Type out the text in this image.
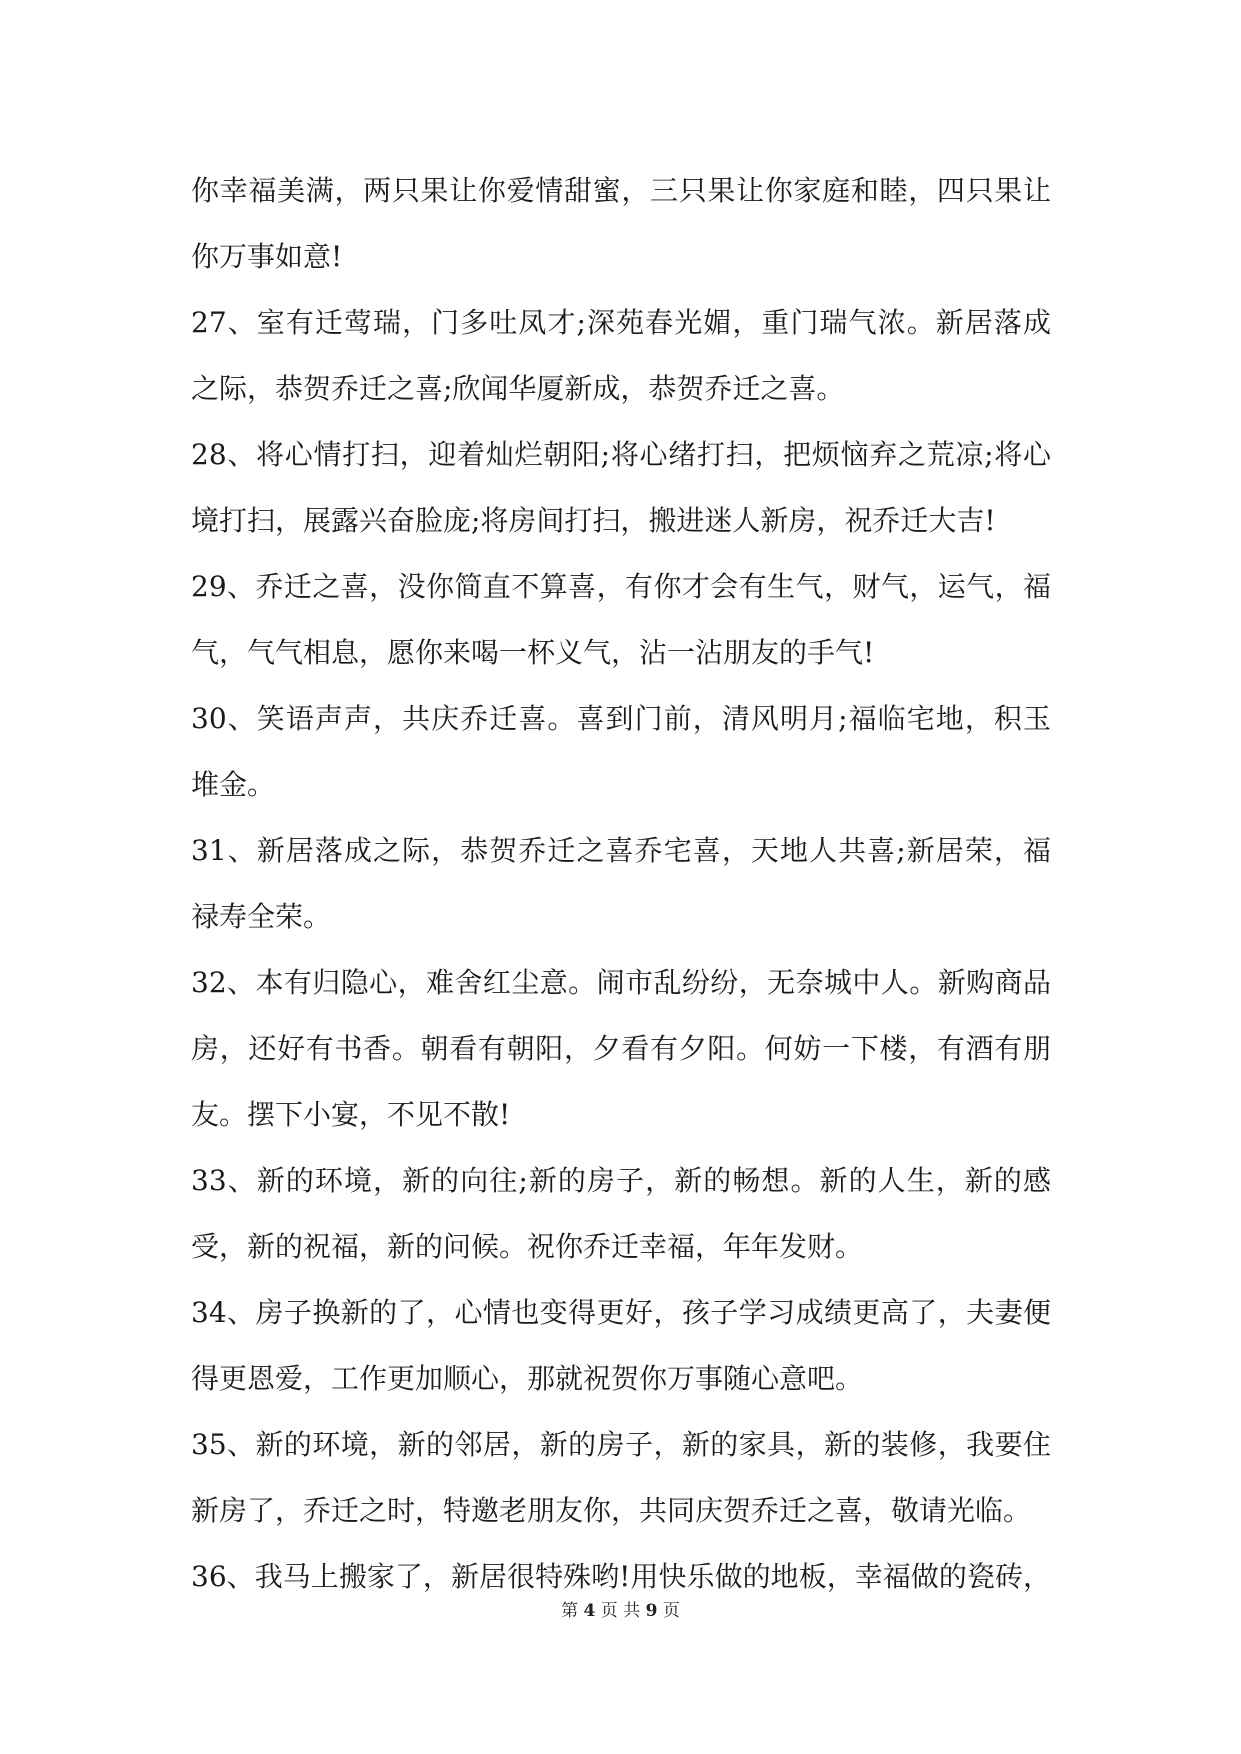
你幸福美满，两只果让你爱情甜蜜，三只果让你家庭和睦，四只果让
你万事如意!
27、室有迁莺瑞，门多吐凤才;深苑春光媚，重门瑞气浓。新居落成
之际，恭贺乔迁之喜;欣闻华厦新成，恭贺乔迁之喜。
28、将心情打扫，迎着灿烂朝阳;将心绪打扫，把烦恼弃之荒凉;将心
境打扫，展露兴奋脸庞;将房间打扫，搬进迷人新房，祝乔迁大吉!
29、乔迁之喜，没你简直不算喜，有你才会有生气，财气，运气，福
气，气气相息，愿你来喝一杯义气，沾一沾朋友的手气!
30、笑语声声，共庆乔迁喜。喜到门前，清风明月;福临宅地，积玉
堆金。
31、新居落成之际，恭贺乔迁之喜乔宅喜，天地人共喜;新居荣，福
禄寿全荣。
32、本有归隐心，难舍红尘意。闹市乱纷纷，无奈城中人。新购商品
房，还好有书香。朝看有朝阳，夕看有夕阳。何妨一下楼，有酒有朋
友。摆下小宴，不见不散!
33、新的环境，新的向往;新的房子，新的畅想。新的人生，新的感
受，新的祝福，新的问候。祝你乔迁幸福，年年发财。
34、房子换新的了，心情也变得更好，孩子学习成绩更高了，夫妻便
得更恩爱，工作更加顺心，那就祝贺你万事随心意吧。
35、新的环境，新的邻居，新的房子，新的家具，新的装修，我要住
新房了，乔迁之时，特邀老朋友你，共同庆贺乔迁之喜，敬请光临。
36、我马上搬家了，新居很特殊哟!用快乐做的地板，幸福做的瓷砖，
第 4 页 共 9 页
